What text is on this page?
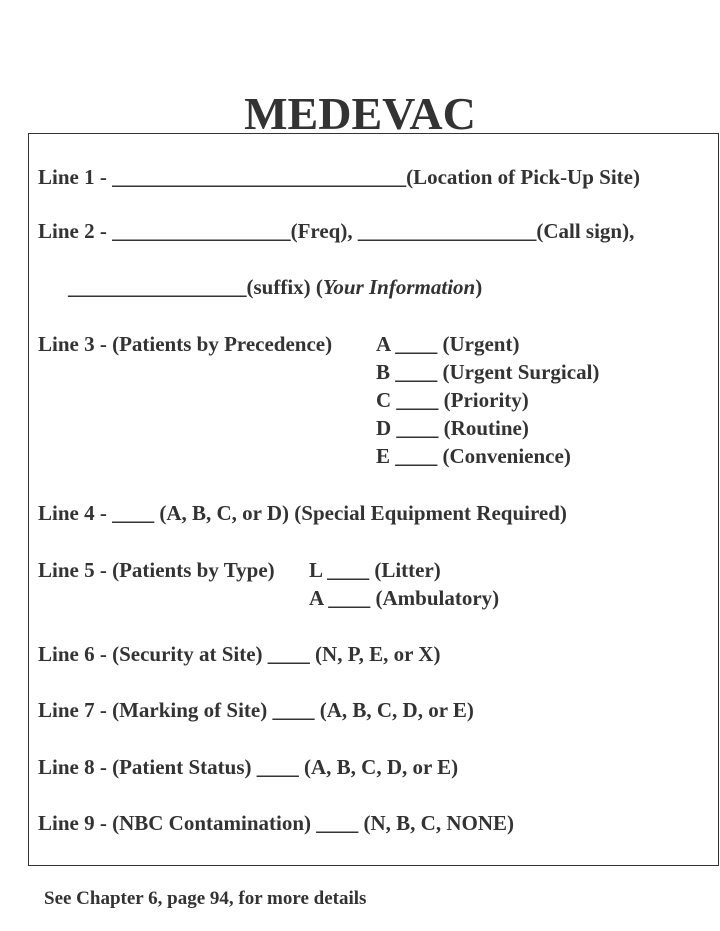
MEDEVAC
Line 1 - ____________________________(Location of Pick-Up Site)
Line 2 - _________________(Freq), _________________(Call sign),
_________________(suffix) (Your Information)
Line 3 - (Patients by Precedence) A ____ (Urgent)
B ____ (Urgent Surgical)
C ____ (Priority)
D ____ (Routine)
E ____ (Convenience)
Line 4 - ____ (A, B, C, or D) (Special Equipment Required)
Line 5 - (Patients by Type) L ____ (Litter)
A ____ (Ambulatory)
Line 6 - (Security at Site) ____ (N, P, E, or X)
Line 7 - (Marking of Site) ____ (A, B, C, D, or E)
Line 8 - (Patient Status) ____ (A, B, C, D, or E)
Line 9 - (NBC Contamination) ____ (N, B, C, NONE)
See Chapter 6, page 94, for more details
